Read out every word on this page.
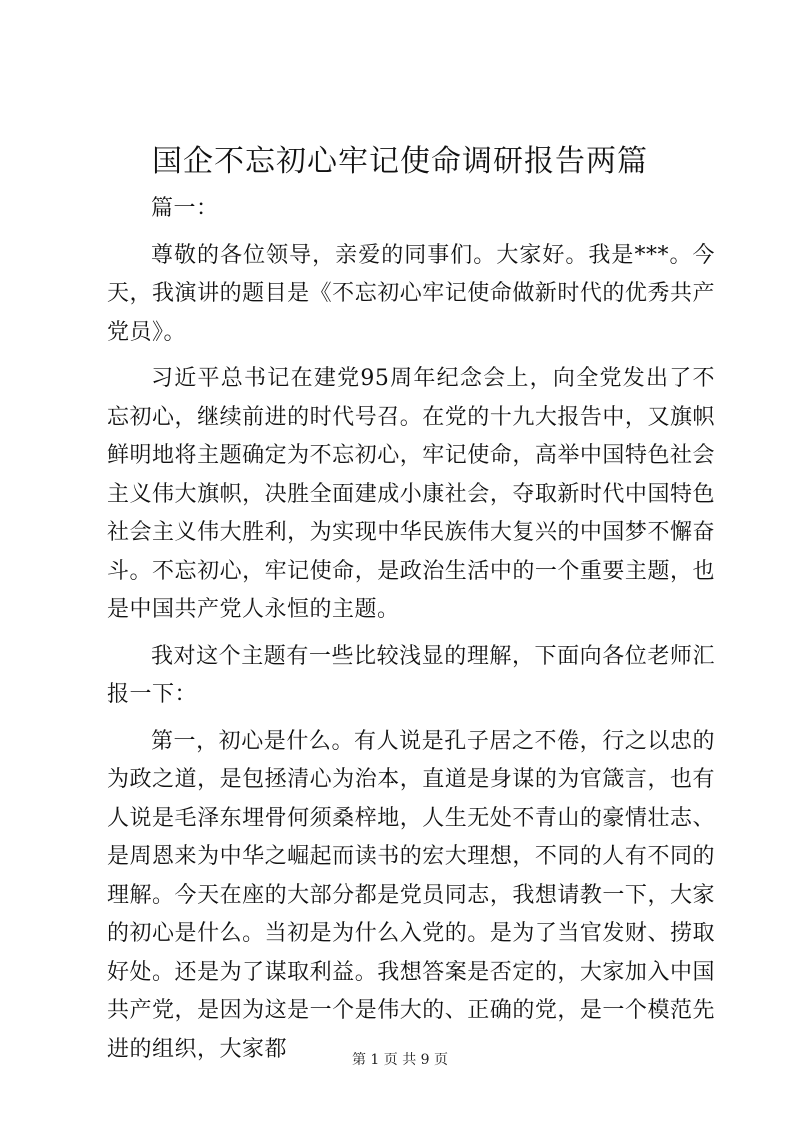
国企不忘初心牢记使命调研报告两篇

篇一：

尊敬的各位领导，亲爱的同事们。大家好。我是***。今天，我演讲的题目是《不忘初心牢记使命做新时代的优秀共产党员》。

习近平总书记在建党95周年纪念会上，向全党发出了不忘初心，继续前进的时代号召。在党的十九大报告中，又旗帜鲜明地将主题确定为不忘初心，牢记使命，高举中国特色社会主义伟大旗帜，决胜全面建成小康社会，夺取新时代中国特色社会主义伟大胜利，为实现中华民族伟大复兴的中国梦不懈奋斗。不忘初心，牢记使命，是政治生活中的一个重要主题，也是中国共产党人永恒的主题。

我对这个主题有一些比较浅显的理解，下面向各位老师汇报一下：

第一，初心是什么。有人说是孔子居之不倦，行之以忠的为政之道，是包拯清心为治本，直道是身谋的为官箴言，也有人说是毛泽东埋骨何须桑梓地，人生无处不青山的豪情壮志、是周恩来为中华之崛起而读书的宏大理想，不同的人有不同的理解。今天在座的大部分都是党员同志，我想请教一下，大家的初心是什么。当初是为什么入党的。是为了当官发财、捞取好处。还是为了谋取利益。我想答案是否定的，大家加入中国共产党，是因为这是一个是伟大的、正确的党，是一个模范先进的组织，大家都	第 1 页 共 9 页
